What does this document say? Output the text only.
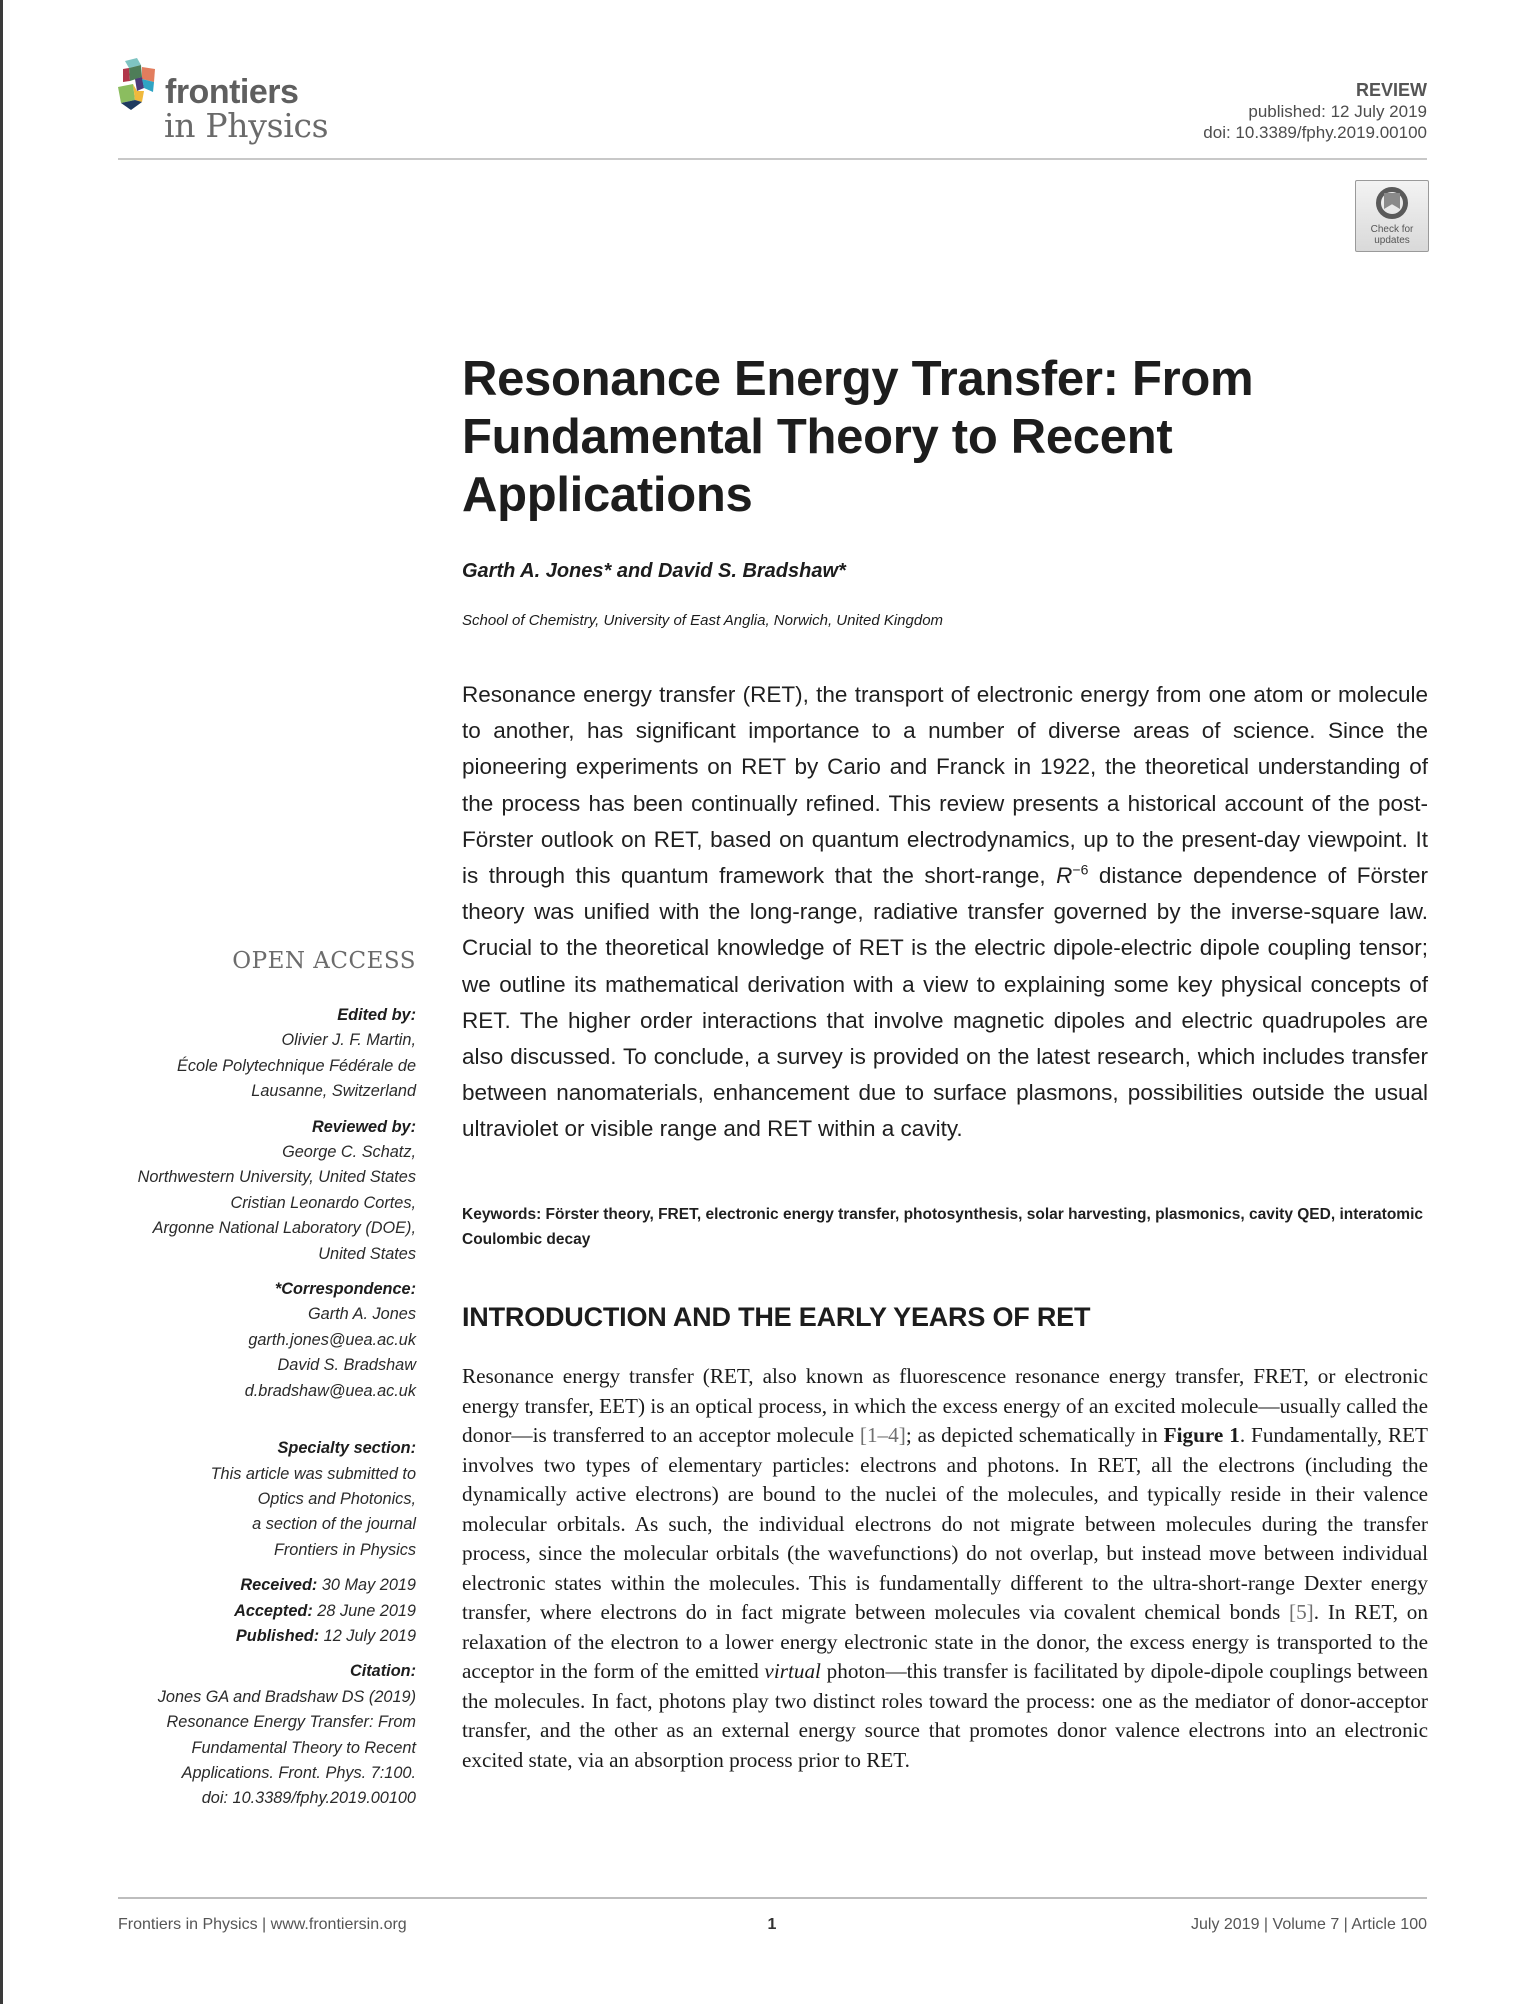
frontiers
in Physics
REVIEW
published: 12 July 2019
doi: 10.3389/fphy.2019.00100
Check for
updates
Resonance Energy Transfer: From
Fundamental Theory to Recent
Applications
Garth A. Jones* and David S. Bradshaw*
School of Chemistry, University of East Anglia, Norwich, United Kingdom
Resonance energy transfer (RET), the transport of electronic energy from one atom or molecule to another, has significant importance to a number of diverse areas of science. Since the pioneering experiments on RET by Cario and Franck in 1922, the theoretical understanding of the process has been continually refined. This review presents a historical account of the post-Förster outlook on RET, based on quantum electrodynamics, up to the present-day viewpoint. It is through this quantum framework that the short-range, $R^{-6}$ distance dependence of Förster theory was unified with the long-range, radiative transfer governed by the inverse-square law. Crucial to the theoretical knowledge of RET is the electric dipole-electric dipole coupling tensor; we outline its mathematical derivation with a view to explaining some key physical concepts of RET. The higher order interactions that involve magnetic dipoles and electric quadrupoles are also discussed. To conclude, a survey is provided on the latest research, which includes transfer between nanomaterials, enhancement due to surface plasmons, possibilities outside the usual ultraviolet or visible range and RET within a cavity.
Keywords: Förster theory, FRET, electronic energy transfer, photosynthesis, solar harvesting, plasmonics, cavity QED, interatomic Coulombic decay
INTRODUCTION AND THE EARLY YEARS OF RET
Resonance energy transfer (RET, also known as fluorescence resonance energy transfer, FRET, or electronic energy transfer, EET) is an optical process, in which the excess energy of an excited molecule—usually called the donor—is transferred to an acceptor molecule [1–4]; as depicted schematically in Figure 1. Fundamentally, RET involves two types of elementary particles: electrons and photons. In RET, all the electrons (including the dynamically active electrons) are bound to the nuclei of the molecules, and typically reside in their valence molecular orbitals. As such, the individual electrons do not migrate between molecules during the transfer process, since the molecular orbitals (the wavefunctions) do not overlap, but instead move between individual electronic states within the molecules. This is fundamentally different to the ultra-short-range Dexter energy transfer, where electrons do in fact migrate between molecules via covalent chemical bonds [5]. In RET, on relaxation of the electron to a lower energy electronic state in the donor, the excess energy is transported to the acceptor in the form of the emitted virtual photon—this transfer is facilitated by dipole-dipole couplings between the molecules. In fact, photons play two distinct roles toward the process: one as the mediator of donor-acceptor transfer, and the other as an external energy source that promotes donor valence electrons into an electronic excited state, via an absorption process prior to RET.
OPEN ACCESS
Edited by:
Olivier J. F. Martin,
École Polytechnique Fédérale de
Lausanne, Switzerland
Reviewed by:
George C. Schatz,
Northwestern University, United States
Cristian Leonardo Cortes,
Argonne National Laboratory (DOE),
United States
*Correspondence:
Garth A. Jones
garth.jones@uea.ac.uk
David S. Bradshaw
d.bradshaw@uea.ac.uk
Specialty section:
This article was submitted to
Optics and Photonics,
a section of the journal
Frontiers in Physics
Received: 30 May 2019
Accepted: 28 June 2019
Published: 12 July 2019
Citation:
Jones GA and Bradshaw DS (2019)
Resonance Energy Transfer: From
Fundamental Theory to Recent
Applications. Front. Phys. 7:100.
doi: 10.3389/fphy.2019.00100
Frontiers in Physics | www.frontiersin.org	1	July 2019 | Volume 7 | Article 100
